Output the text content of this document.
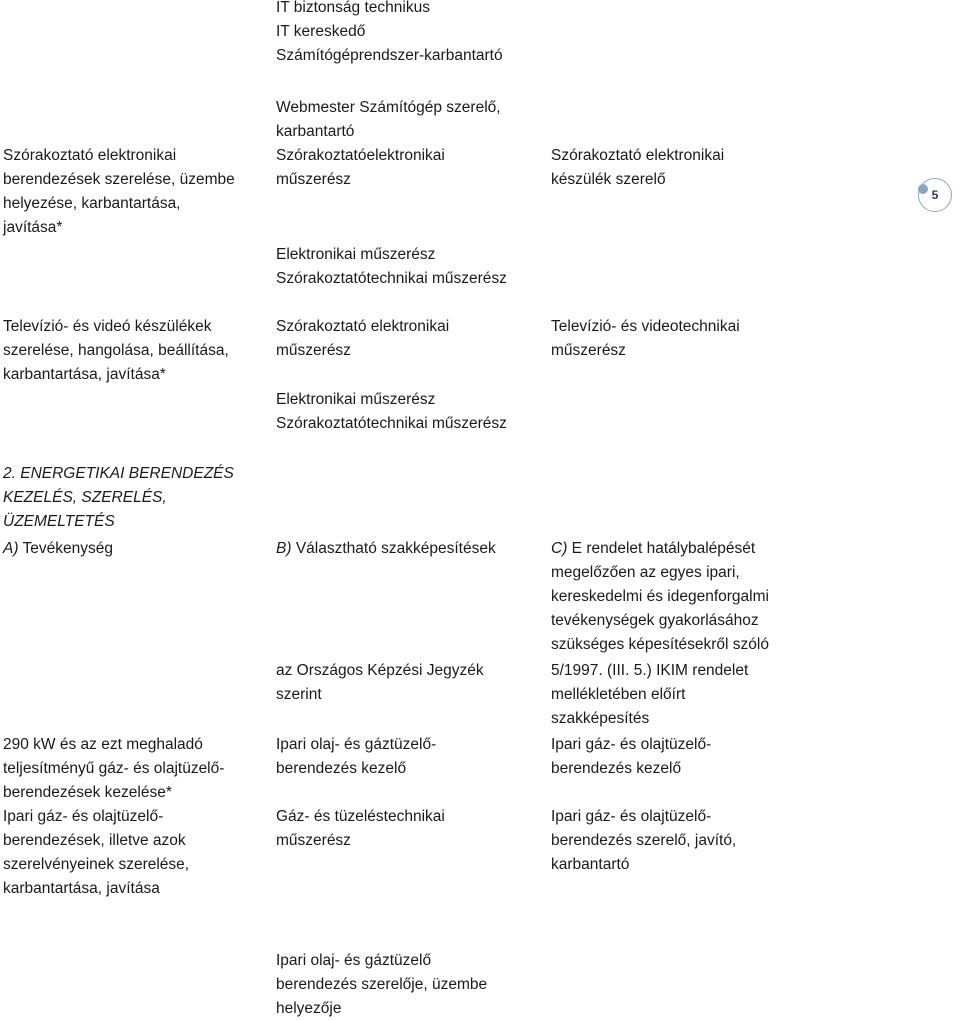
IT biztonság technikus
IT kereskedő
Számítógéprendszer-karbantartó
Szórakoztató elektronikai
berendezések szerelése, üzembe
helyezése, karbantartása,
javítása*
Webmester Számítógép szerelő,
karbantartó
Szórakoztatóelektronikai
műszerész
Elektronikai műszerész
Szórakoztatótechnikai műszerész
Szórakoztató elektronikai
készülék szerelő
5
Televízió- és videó készülékek
szerelése, hangolása, beállítása,
karbantartása, javítása*
Szórakoztató elektronikai
műszerész
Elektronikai műszerész
Szórakoztatótechnikai műszerész
Televízió- és videotechnikai
műszerész
2. ENERGETIKAI BERENDEZÉS
KEZELÉS, SZERELÉS,
ÜZEMELTETÉS
A) Tevékenység	B) Választható szakképesítések
az Országos Képzési Jegyzék
szerint
C) E rendelet hatálybalépését
megelőzően az egyes ipari,
kereskedelmi és idegenforgalmi
tevékenységek gyakorlásához
szükséges képesítésekről szóló
5/1997. (III. 5.) IKIM rendelet
mellékletében előírt
szakképesítés
290 kW és az ezt meghaladó
teljesítményű gáz- és olajtüzelő-
berendezések kezelése*
Ipari olaj- és gáztüzelő-
berendezés kezelő
Ipari gáz- és olajtüzelő-
berendezés kezelő
Ipari gáz- és olajtüzelő-
berendezések, illetve azok
szerelvényeinek szerelése,
karbantartása, javítása
Gáz- és tüzeléstechnikai
műszerész
Ipari gáz- és olajtüzelő-
berendezés szerelő, javító,
karbantartó
Ipari olaj- és gáztüzelő
berendezés szerelője, üzembe
helyezője
